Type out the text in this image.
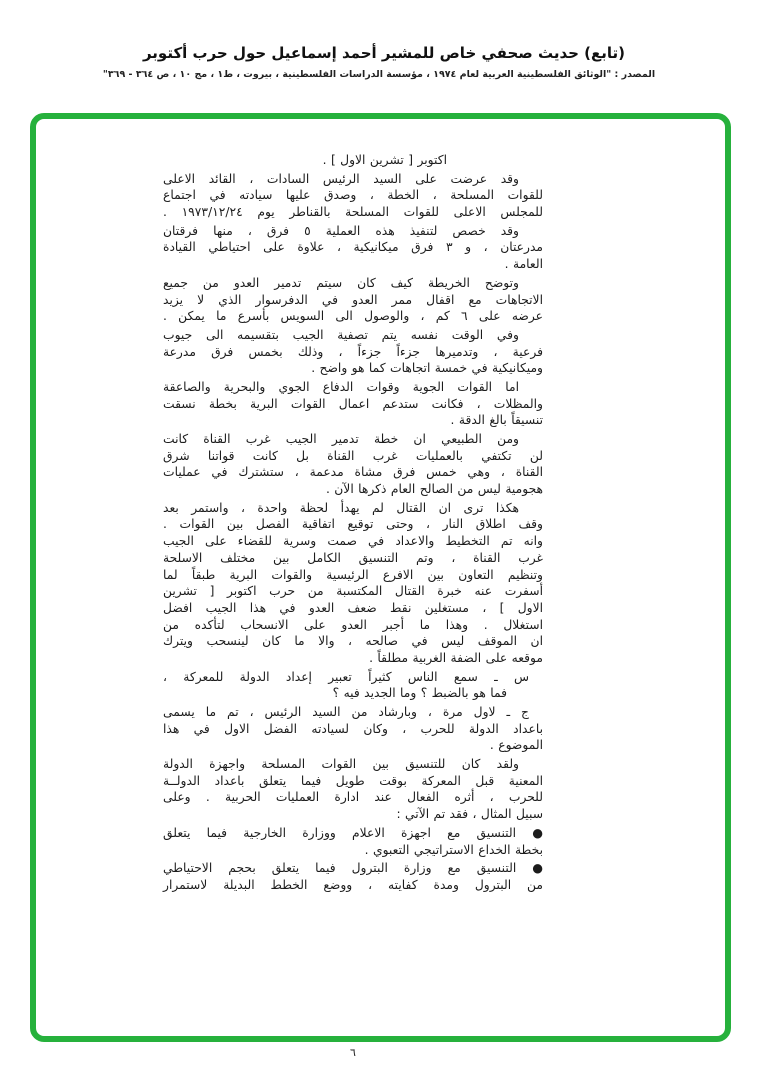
(تابع) حديث صحفي خاص للمشير أحمد إسماعيل حول حرب أكتوبر
المصدر : "الوثائق الفلسطينية العربية لعام ١٩٧٤ ، مؤسسة الدراسات الفلسطينية ، بيروت ، ط١ ، مج ١٠ ، ص ٣٦٤ - ٣٦٩"
اكتوبر [ تشرين الاول ] .
وقد عرضت على السيد الرئيس السادات ، القائد الاعلى
للقوات المسلحة ، الخطة ، وصدق عليها سيادته في اجتماع
للمجلس الاعلى للقوات المسلحة بالقناطر يوم ١٩٧٣/١٢/٢٤ .
وقد خصص لتنفيذ هذه العملية ٥ فرق ، منها فرقتان
مدرعتان ، و ٣ فرق ميكانيكية ، علاوة على احتياطي القيادة
العامة .
وتوضح الخريطة كيف كان سيتم تدمير العدو من جميع
الاتجاهات مع اقفال ممر العدو في الدفرسوار الذي لا يزيد
عرضه على ٦ كم ، والوصول الى السويس بأسرع ما يمكن .
وفي الوقت نفسه يتم تصفية الجيب بتقسيمه الى جيوب
فرعية ، وتدميرها جزءاً جزءاً ، وذلك بخمس فرق مدرعة
وميكانيكية في خمسة اتجاهات كما هو واضح .
اما القوات الجوية وقوات الدفاع الجوي والبحرية والصاعقة
والمظلات ، فكانت ستدعم اعمال القوات البرية بخطة نسقت
تنسيقاً بالغ الدقة .
ومن الطبيعي ان خطة تدمير الجيب غرب القناة كانت
لن تكتفي بالعمليات غرب القناة بل كانت قواتنا شرق
القناة ، وهي خمس فرق مشاة مدعمة ، ستشترك في عمليات
هجومية ليس من الصالح العام ذكرها الآن .
هكذا ترى ان القتال لم يهدأ لحظة واحدة ، واستمر بعد
وقف اطلاق النار ، وحتى توقيع اتفاقية الفصل بين القوات .
وانه تم التخطيط والاعداد في صمت وسرية للقضاء على الجيب
غرب القناة ، وتم التنسيق الكامل بين مختلف الاسلحة
وتنظيم التعاون بين الافرع الرئيسية والقوات البرية طبقاً لما
أسفرت عنه خبرة القتال المكتسبة من حرب اكتوبر [ تشرين
الاول ] ، مستغلين نقط ضعف العدو في هذا الجيب افضل
استغلال . وهذا ما أجبر العدو على الانسحاب لتأكده من
ان الموقف ليس في صالحه ، والا ما كان لينسحب ويترك
موقعه على الضفة الغربية مطلقاً .
س ـ سمع الناس كثيراً تعبير إعداد الدولة للمعركة ،
فما هو بالضبط ؟ وما الجديد فيه ؟
ج ـ لاول مرة ، وبارشاد من السيد الرئيس ، تم ما يسمى
باعداد الدولة للحرب ، وكان لسيادته الفضل الاول في هذا
الموضوع .
ولقد كان للتنسيق بين القوات المسلحة واجهزة الدولة
المعنية قبل المعركة بوقت طويل فيما يتعلق باعداد الدولــة
للحرب ، أثره الفعال عند ادارة العمليات الحربية . وعلى
سبيل المثال ، فقد تم الآتي :
● التنسيق مع اجهزة الاعلام ووزارة الخارجية فيما يتعلق
بخطة الخداع الاستراتيجي التعبوي .
● التنسيق مع وزارة البترول فيما يتعلق بحجم الاحتياطي
من البترول ومدة كفايته ، ووضع الخطط البديلة لاستمرار
٦
